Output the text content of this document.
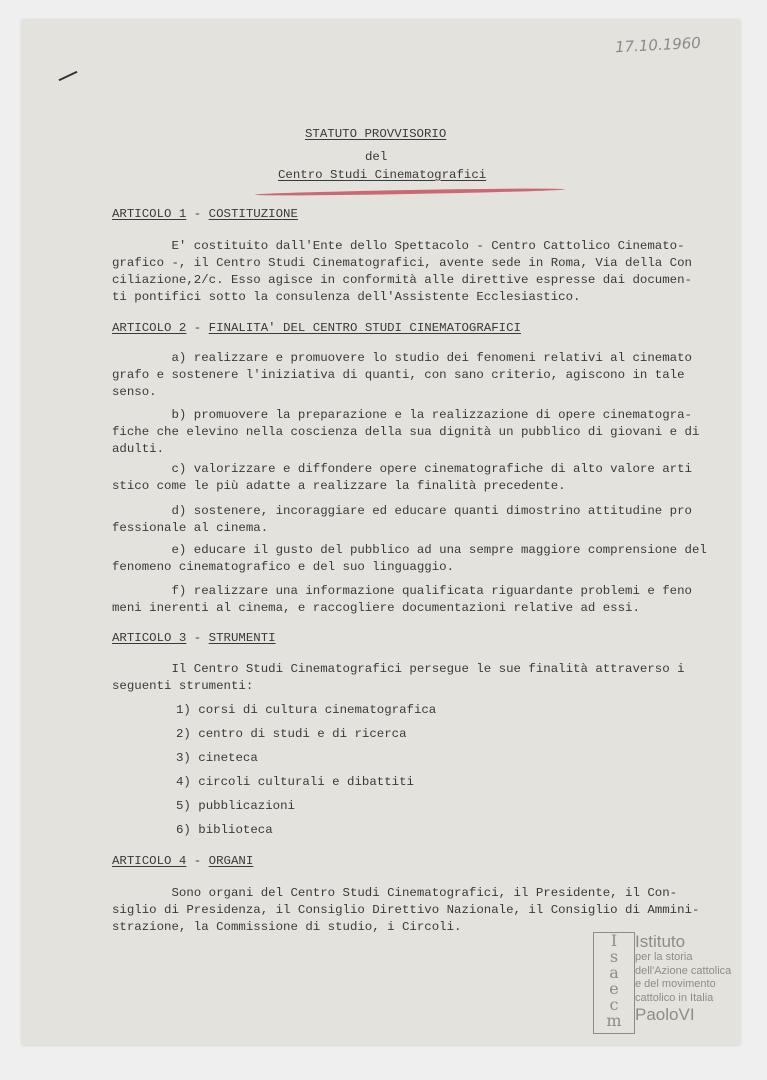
17.10.1960
STATUTO PROVVISORIO
del
Centro Studi Cinematografici
ARTICOLO 1 - COSTITUZIONE
E' costituito dall'Ente dello Spettacolo - Centro Cattolico Cinemato-
grafico -, il Centro Studi Cinematografici, avente sede in Roma, Via della Con
ciliazione,2/c. Esso agisce in conformità alle direttive espresse dai documen-
ti pontifici sotto la consulenza dell'Assistente Ecclesiastico.
ARTICOLO 2 - FINALITA' DEL CENTRO STUDI CINEMATOGRAFICI
a) realizzare e promuovere lo studio dei fenomeni relativi al cinemato
grafo e sostenere l'iniziativa di quanti, con sano criterio, agiscono in tale
senso.
b) promuovere la preparazione e la realizzazione di opere cinematogra-
fiche che elevino nella coscienza della sua dignità un pubblico di giovani e di
adulti.
c) valorizzare e diffondere opere cinematografiche di alto valore arti
stico come le più adatte a realizzare la finalità precedente.
d) sostenere, incoraggiare ed educare quanti dimostrino attitudine pro
fessionale al cinema.
e) educare il gusto del pubblico ad una sempre maggiore comprensione del
fenomeno cinematografico e del suo linguaggio.
f) realizzare una informazione qualificata riguardante problemi e feno
meni inerenti al cinema, e raccogliere documentazioni relative ad essi.
ARTICOLO 3 - STRUMENTI
Il Centro Studi Cinematografici persegue le sue finalità attraverso i
seguenti strumenti:
1) corsi di cultura cinematografica
2) centro di studi e di ricerca
3) cineteca
4) circoli culturali e dibattiti
5) pubblicazioni
6) biblioteca
ARTICOLO 4 - ORGANI
Sono organi del Centro Studi Cinematografici, il Presidente, il Con-
siglio di Presidenza, il Consiglio Direttivo Nazionale, il Consiglio di Ammini-
strazione, la Commissione di studio, i Circoli.
I
s
a
e
c
m
Istituto
per la storia
dell'Azione cattolica
e del movimento
cattolico in Italia
PaoloVI
